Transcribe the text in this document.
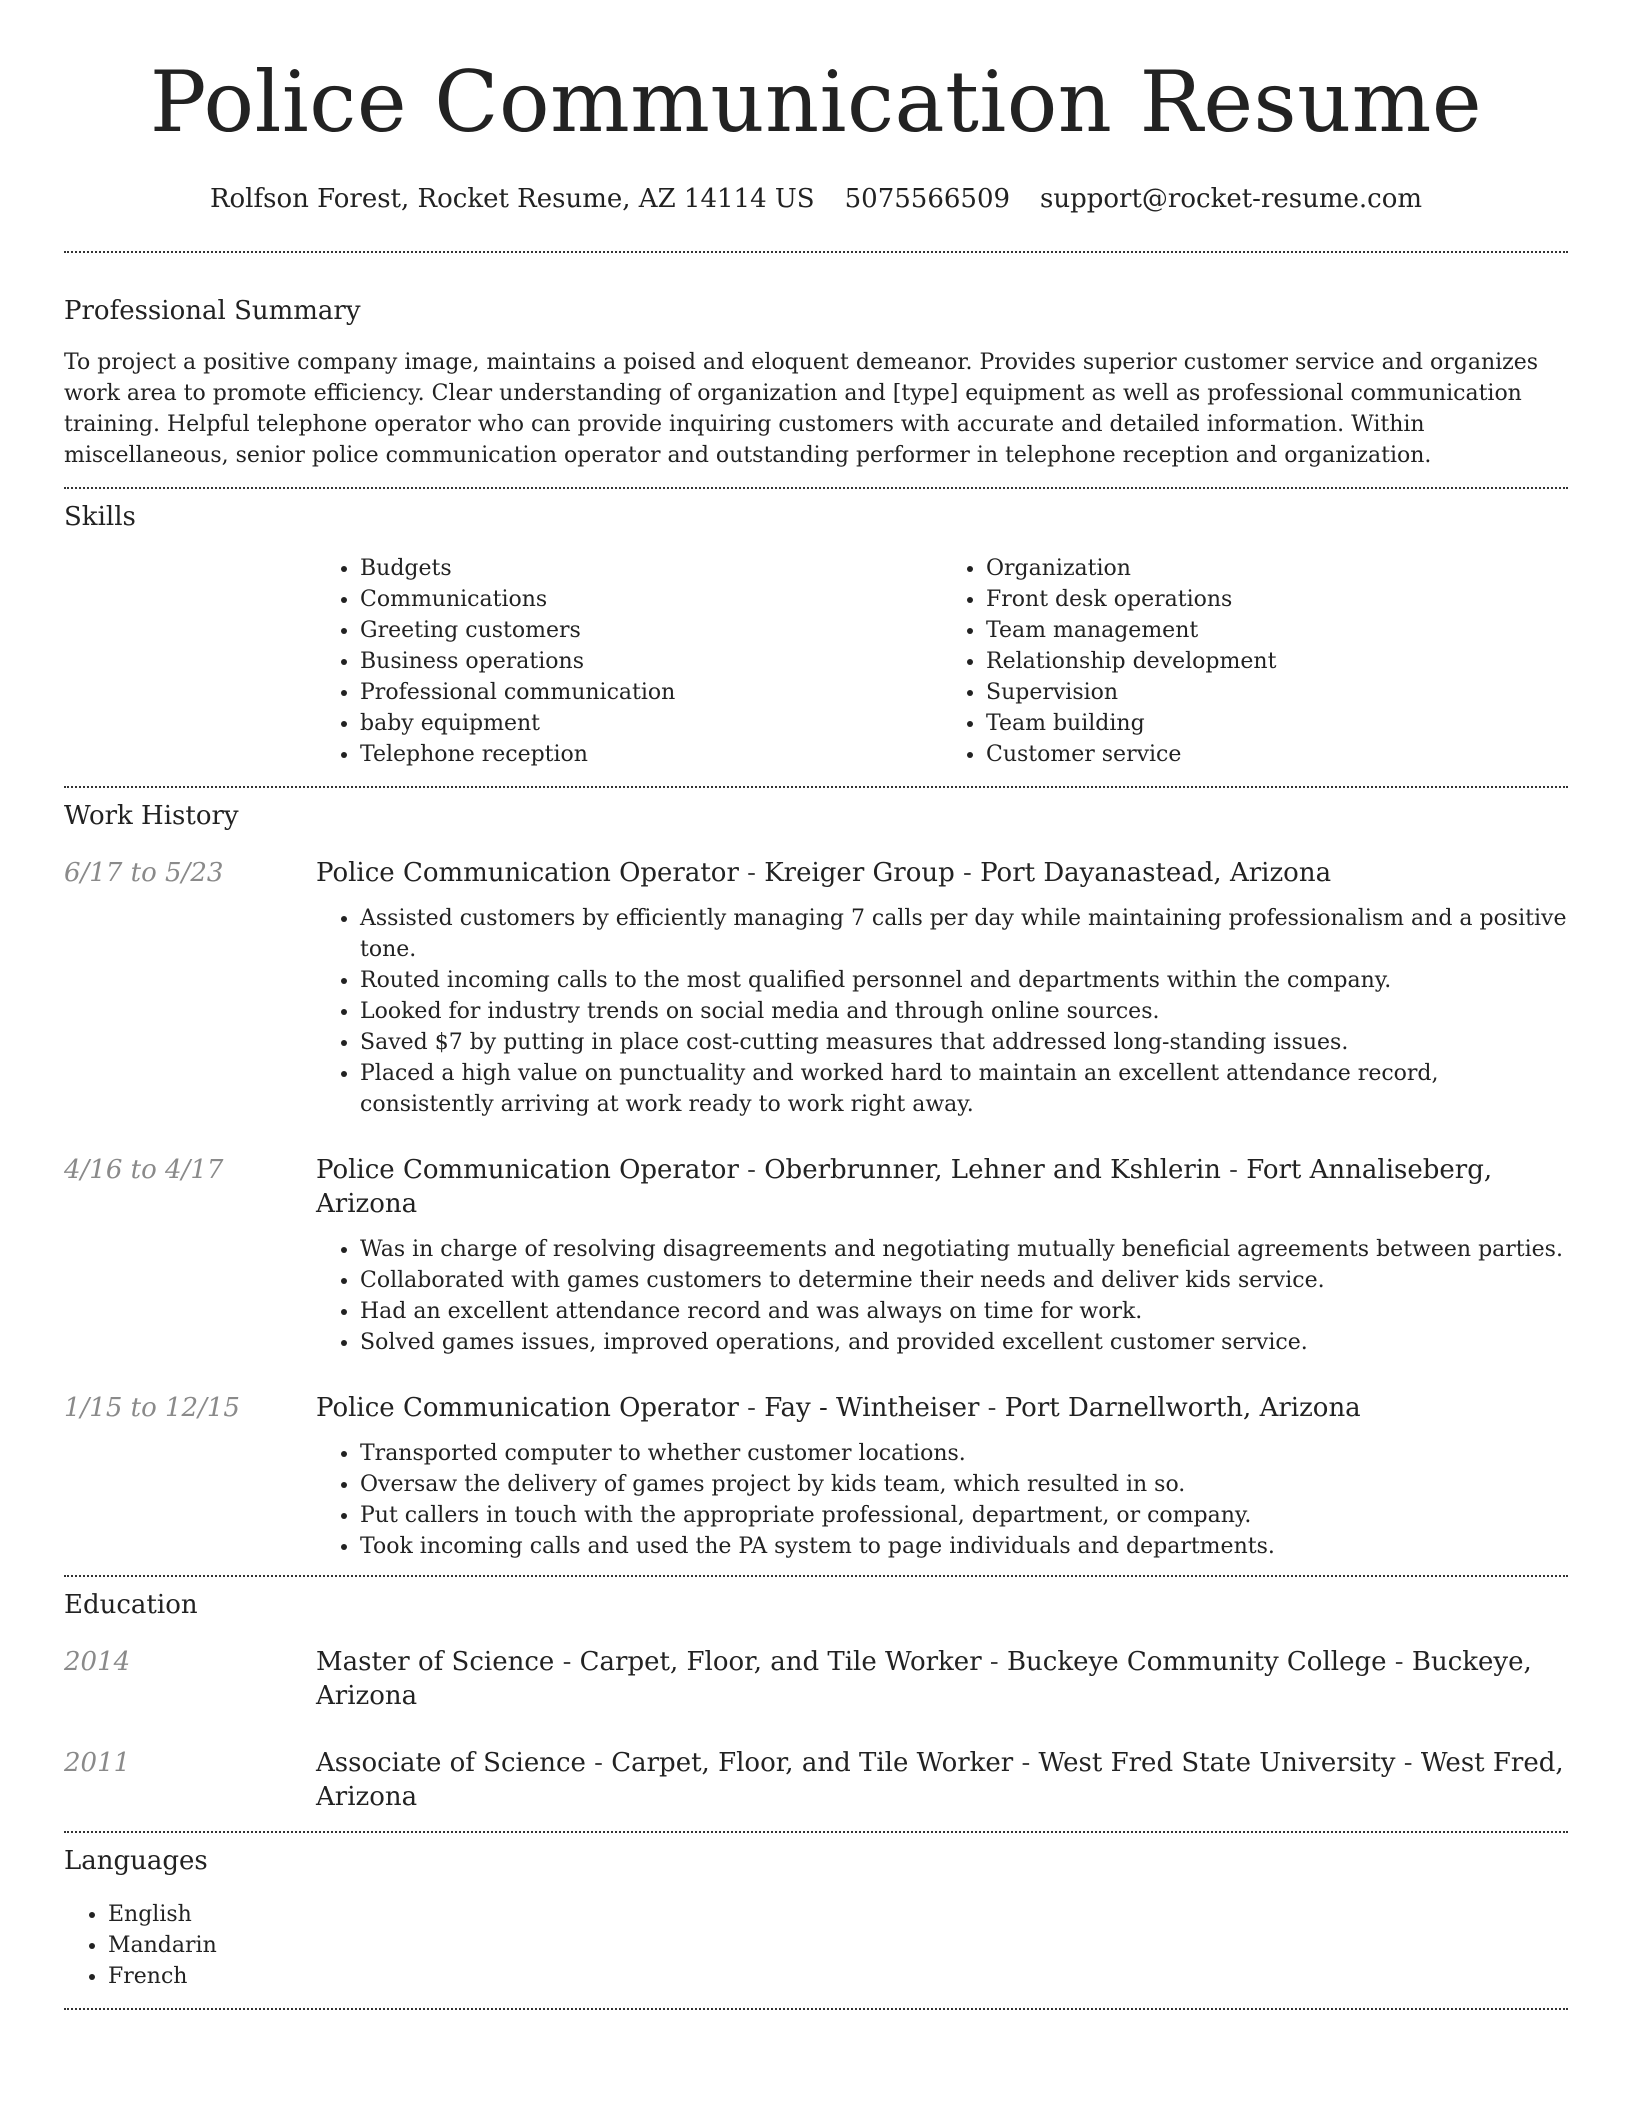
Police Communication Resume
Rolfson Forest, Rocket Resume, AZ 14114 US 5075566509 support@rocket-resume.com
Professional Summary

To project a positive company image, maintains a poised and eloquent demeanor. Provides superior customer service and organizes work area to promote efficiency. Clear understanding of organization and [type] equipment as well as professional communication training. Helpful telephone operator who can provide inquiring customers with accurate and detailed information. Within miscellaneous, senior police communication operator and outstanding performer in telephone reception and organization.

Skills
• Budgets
• Communications
• Greeting customers
• Business operations
• Professional communication
• baby equipment
• Telephone reception
• Organization
• Front desk operations
• Team management
• Relationship development
• Supervision
• Team building
• Customer service
Work History
6/17 to 5/23	Police Communication Operator - Kreiger Group - Port Dayanastead, Arizona
• Assisted customers by efficiently managing 7 calls per day while maintaining professionalism and a positive tone.
• Routed incoming calls to the most qualified personnel and departments within the company.
• Looked for industry trends on social media and through online sources.
• Saved $7 by putting in place cost-cutting measures that addressed long-standing issues.
• Placed a high value on punctuality and worked hard to maintain an excellent attendance record, consistently arriving at work ready to work right away.
4/16 to 4/17	Police Communication Operator - Oberbrunner, Lehner and Kshlerin - Fort Annaliseberg, Arizona
• Was in charge of resolving disagreements and negotiating mutually beneficial agreements between parties.
• Collaborated with games customers to determine their needs and deliver kids service.
• Had an excellent attendance record and was always on time for work.
• Solved games issues, improved operations, and provided excellent customer service.
1/15 to 12/15	Police Communication Operator - Fay - Wintheiser - Port Darnellworth, Arizona
• Transported computer to whether customer locations.
• Oversaw the delivery of games project by kids team, which resulted in so.
• Put callers in touch with the appropriate professional, department, or company.
• Took incoming calls and used the PA system to page individuals and departments.
Education
2014	Master of Science - Carpet, Floor, and Tile Worker - Buckeye Community College - Buckeye, Arizona
2011	Associate of Science - Carpet, Floor, and Tile Worker - West Fred State University - West Fred, Arizona
Languages
• English
• Mandarin
• French
